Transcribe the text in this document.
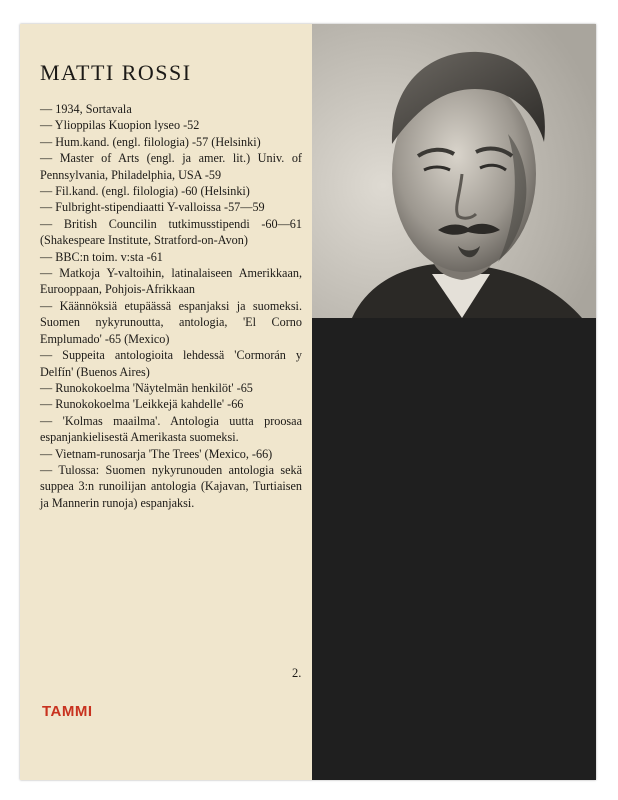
MATTI ROSSI
— 1934, Sortavala
— Ylioppilas Kuopion lyseo -52
— Hum.kand. (engl. filologia) -57 (Helsinki)
— Master of Arts (engl. ja amer. lit.) Univ. of Pennsylvania, Philadelphia, USA -59
— Fil.kand. (engl. filologia) -60 (Helsinki)
— Fulbright-stipendiaatti Y-valloissa -57—59
— British Councilin tutkimusstipendi -60—61 (Shakespeare Institute, Stratford-on-Avon)
— BBC:n toim. v:sta -61
— Matkoja Y-valtoihin, latinalaiseen Amerikkaan, Eurooppaan, Pohjois-Afrikkaan
— Käännöksiä etupäässä espanjaksi ja suomeksi. Suomen nykyrunoutta, antologia, 'El Corno Emplumado' -65 (Mexico)
— Suppeita antologioita lehdessä 'Cormorán y Delfín' (Buenos Aires)
— Runokokoelma 'Näytelmän henkilöt' -65
— Runokokoelma 'Leikkejä kahdelle' -66
— 'Kolmas maailma'. Antologia uutta proosaa espanjankielisestä Amerikasta suomeksi.
— Vietnam-runosarja 'The Trees' (Mexico, -66)
— Tulossa: Suomen nykyrunouden antologia sekä suppea 3:n runoilijan antologia (Kajavan, Turtiaisen ja Mannerin runoja) espanjaksi.
2.
TAMMI
